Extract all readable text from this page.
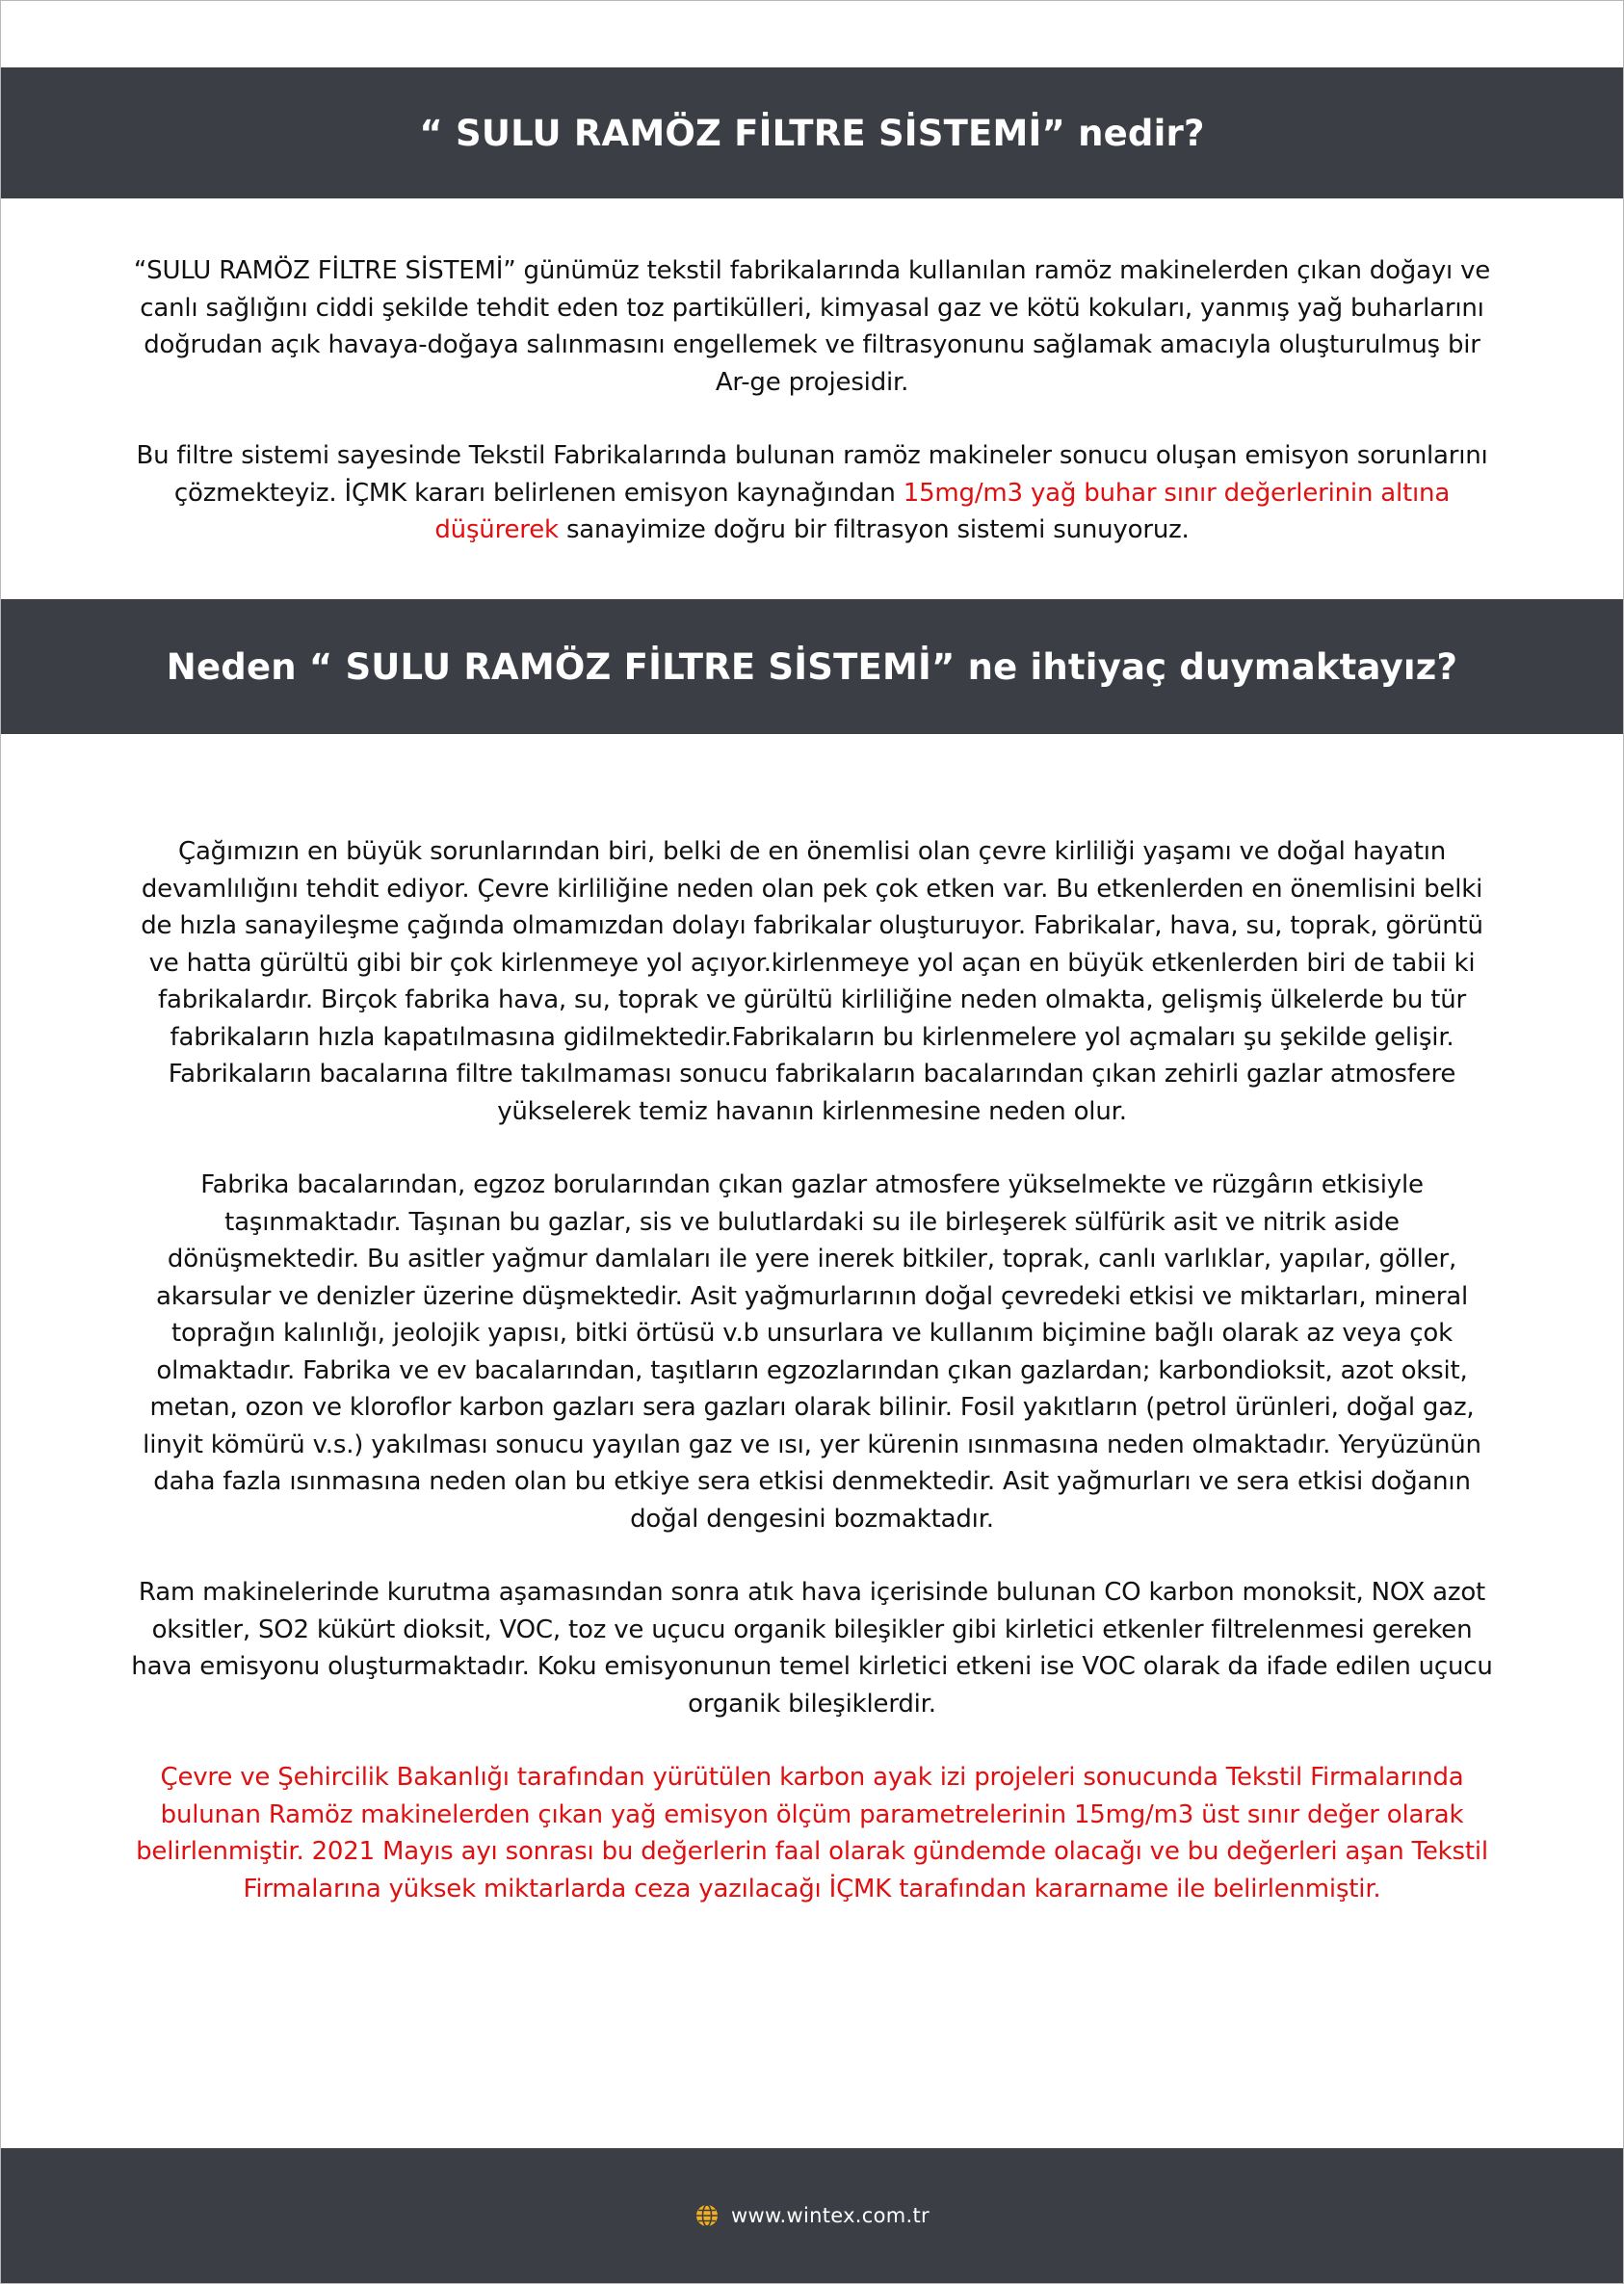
“ SULU RAMÖZ FİLTRE SİSTEMİ” nedir?

“SULU RAMÖZ FİLTRE SİSTEMİ” günümüz tekstil fabrikalarında kullanılan ramöz makinelerden çıkan doğayı ve canlı sağlığını ciddi şekilde tehdit eden toz partikülleri, kimyasal gaz ve kötü kokuları, yanmış yağ buharlarını doğrudan açık havaya-doğaya salınmasını engellemek ve filtrasyonunu sağlamak amacıyla oluşturulmuş bir Ar-ge projesidir.

Bu filtre sistemi sayesinde Tekstil Fabrikalarında bulunan ramöz makineler sonucu oluşan emisyon sorunlarını çözmekteyiz. İÇMK kararı belirlenen emisyon kaynağından 15mg/m3 yağ buhar sınır değerlerinin altına düşürerek sanayimize doğru bir filtrasyon sistemi sunuyoruz.

Neden “ SULU RAMÖZ FİLTRE SİSTEMİ” ne ihtiyaç duymaktayız?

Çağımızın en büyük sorunlarından biri, belki de en önemlisi olan çevre kirliliği yaşamı ve doğal hayatın devamlılığını tehdit ediyor. Çevre kirliliğine neden olan pek çok etken var. Bu etkenlerden en önemlisini belki de hızla sanayileşme çağında olmamızdan dolayı fabrikalar oluşturuyor. Fabrikalar, hava, su, toprak, görüntü ve hatta gürültü gibi bir çok kirlenmeye yol açıyor.kirlenmeye yol açan en büyük etkenlerden biri de tabii ki fabrikalardır. Birçok fabrika hava, su, toprak ve gürültü kirliliğine neden olmakta, gelişmiş ülkelerde bu tür fabrikaların hızla kapatılmasına gidilmektedir.Fabrikaların bu kirlenmelere yol açmaları şu şekilde gelişir. Fabrikaların bacalarına filtre takılmaması sonucu fabrikaların bacalarından çıkan zehirli gazlar atmosfere yükselerek temiz havanın kirlenmesine neden olur.

Fabrika bacalarından, egzoz borularından çıkan gazlar atmosfere yükselmekte ve rüzgârın etkisiyle taşınmaktadır. Taşınan bu gazlar, sis ve bulutlardaki su ile birleşerek sülfürik asit ve nitrik aside dönüşmektedir. Bu asitler yağmur damlaları ile yere inerek bitkiler, toprak, canlı varlıklar, yapılar, göller, akarsular ve denizler üzerine düşmektedir. Asit yağmurlarının doğal çevredeki etkisi ve miktarları, mineral toprağın kalınlığı, jeolojik yapısı, bitki örtüsü v.b unsurlara ve kullanım biçimine bağlı olarak az veya çok olmaktadır. Fabrika ve ev bacalarından, taşıtların egzozlarından çıkan gazlardan; karbondioksit, azot oksit, metan, ozon ve kloroflor karbon gazları sera gazları olarak bilinir. Fosil yakıtların (petrol ürünleri, doğal gaz, linyit kömürü v.s.) yakılması sonucu yayılan gaz ve ısı, yer kürenin ısınmasına neden olmaktadır. Yeryüzünün daha fazla ısınmasına neden olan bu etkiye sera etkisi denmektedir. Asit yağmurları ve sera etkisi doğanın doğal dengesini bozmaktadır.

Ram makinelerinde kurutma aşamasından sonra atık hava içerisinde bulunan CO karbon monoksit, NOX azot oksitler, SO2 kükürt dioksit, VOC, toz ve uçucu organik bileşikler gibi kirletici etkenler filtrelenmesi gereken hava emisyonu oluşturmaktadır. Koku emisyonunun temel kirletici etkeni ise VOC olarak da ifade edilen uçucu organik bileşiklerdir.

Çevre ve Şehircilik Bakanlığı tarafından yürütülen karbon ayak izi projeleri sonucunda Tekstil Firmalarında bulunan Ramöz makinelerden çıkan yağ emisyon ölçüm parametrelerinin 15mg/m3 üst sınır değer olarak belirlenmiştir. 2021 Mayıs ayı sonrası bu değerlerin faal olarak gündemde olacağı ve bu değerleri aşan Tekstil Firmalarına yüksek miktarlarda ceza yazılacağı İÇMK tarafından kararname ile belirlenmiştir.

www.wintex.com.tr
